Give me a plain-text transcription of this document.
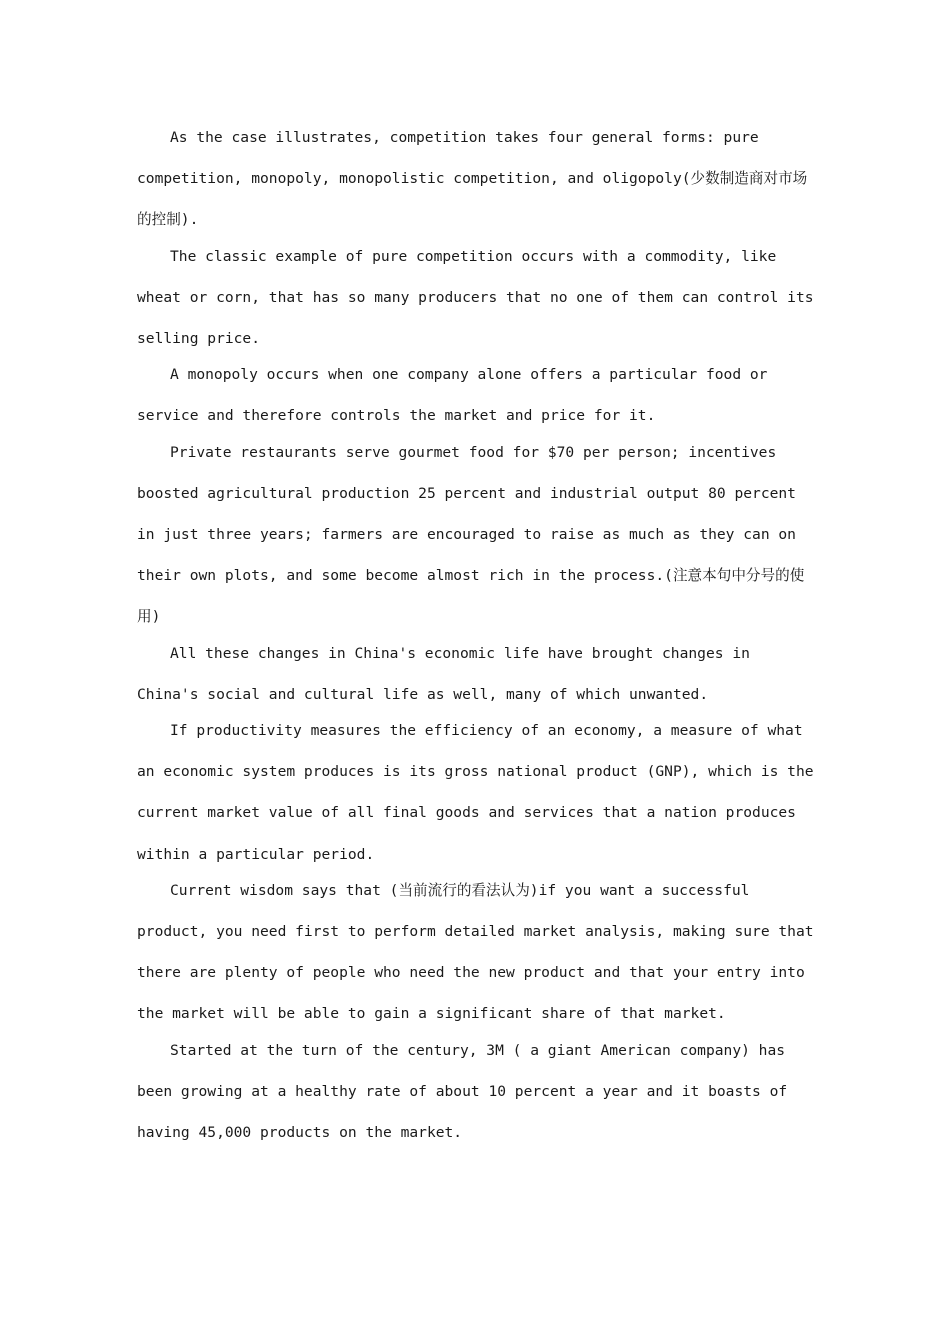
As the case illustrates, competition takes four general forms: pure competition, monopoly, monopolistic competition, and oligopoly(少数制造商对市场的控制).

The classic example of pure competition occurs with a commodity, like wheat or corn, that has so many producers that no one of them can control its selling price.

A monopoly occurs when one company alone offers a particular food or service and therefore controls the market and price for it.

Private restaurants serve gourmet food for $70 per person; incentives boosted agricultural production 25 percent and industrial output 80 percent in just three years; farmers are encouraged to raise as much as they can on their own plots, and some become almost rich in the process.(注意本句中分号的使用)

All these changes in China's economic life have brought changes in China's social and cultural life as well, many of which unwanted.

If productivity measures the efficiency of an economy, a measure of what an economic system produces is its gross national product (GNP), which is the current market value of all final goods and services that a nation produces within a particular period.

Current wisdom says that (当前流行的看法认为)if you want a successful product, you need first to perform detailed market analysis, making sure that there are plenty of people who need the new product and that your entry into the market will be able to gain a significant share of that market.

Started at the turn of the century, 3M ( a giant American company) has been growing at a healthy rate of about 10 percent a year and it boasts of having 45,000 products on the market.
